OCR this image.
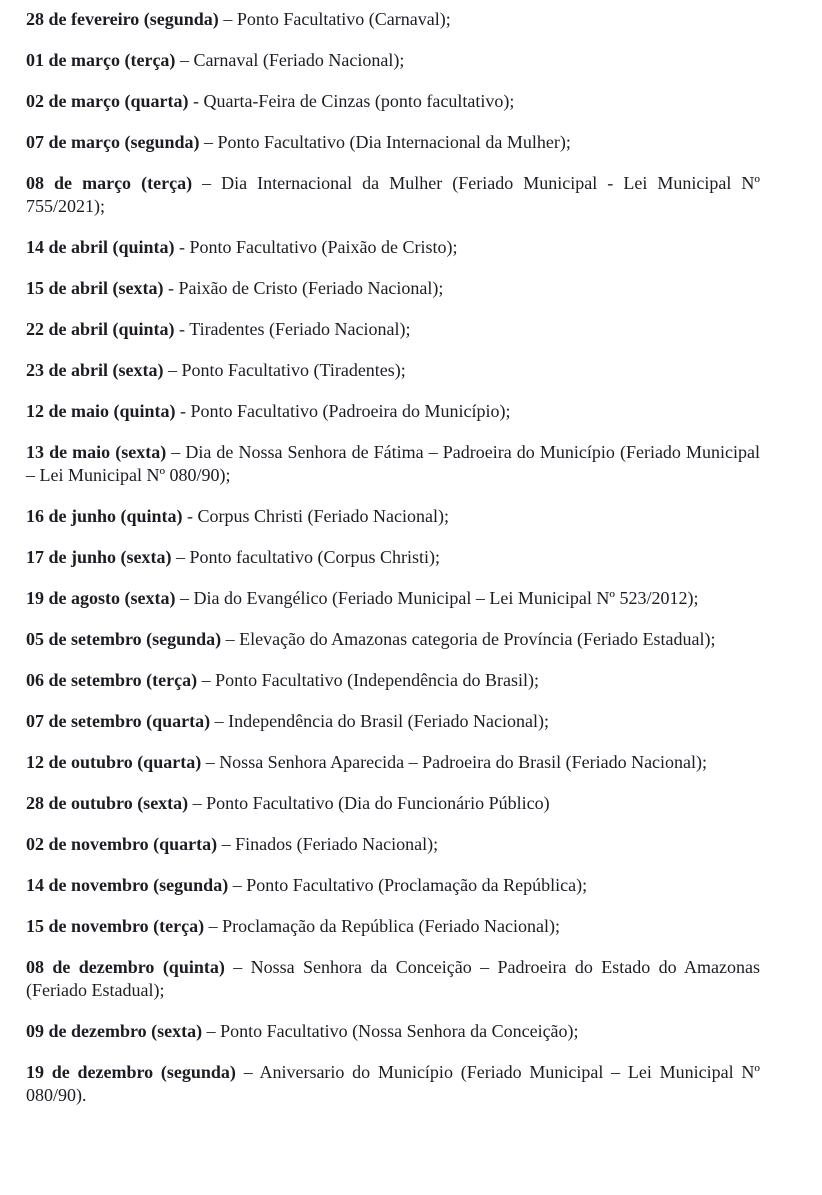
28 de fevereiro (segunda) – Ponto Facultativo (Carnaval);

01 de março (terça) – Carnaval (Feriado Nacional);

02 de março (quarta) - Quarta-Feira de Cinzas (ponto facultativo);

07 de março (segunda) – Ponto Facultativo (Dia Internacional da Mulher);

08 de março (terça) – Dia Internacional da Mulher (Feriado Municipal - Lei Municipal Nº 755/2021);

14 de abril (quinta) - Ponto Facultativo (Paixão de Cristo);

15 de abril (sexta) - Paixão de Cristo (Feriado Nacional);

22 de abril (quinta) - Tiradentes (Feriado Nacional);

23 de abril (sexta) – Ponto Facultativo (Tiradentes);

12 de maio (quinta) - Ponto Facultativo (Padroeira do Município);

13 de maio (sexta) – Dia de Nossa Senhora de Fátima – Padroeira do Município (Feriado Municipal – Lei Municipal Nº 080/90);

16 de junho (quinta) - Corpus Christi (Feriado Nacional);

17 de junho (sexta) – Ponto facultativo (Corpus Christi);

19 de agosto (sexta) – Dia do Evangélico (Feriado Municipal – Lei Municipal Nº 523/2012);

05 de setembro (segunda) – Elevação do Amazonas categoria de Província (Feriado Estadual);

06 de setembro (terça) – Ponto Facultativo (Independência do Brasil);

07 de setembro (quarta) – Independência do Brasil (Feriado Nacional);

12 de outubro (quarta) – Nossa Senhora Aparecida – Padroeira do Brasil (Feriado Nacional);

28 de outubro (sexta) – Ponto Facultativo (Dia do Funcionário Público)

02 de novembro (quarta) – Finados (Feriado Nacional);

14 de novembro (segunda) – Ponto Facultativo (Proclamação da República);

15 de novembro (terça) – Proclamação da República (Feriado Nacional);

08 de dezembro (quinta) – Nossa Senhora da Conceição – Padroeira do Estado do Amazonas (Feriado Estadual);

09 de dezembro (sexta) – Ponto Facultativo (Nossa Senhora da Conceição);

19 de dezembro (segunda) – Aniversario do Município (Feriado Municipal – Lei Municipal Nº 080/90).
